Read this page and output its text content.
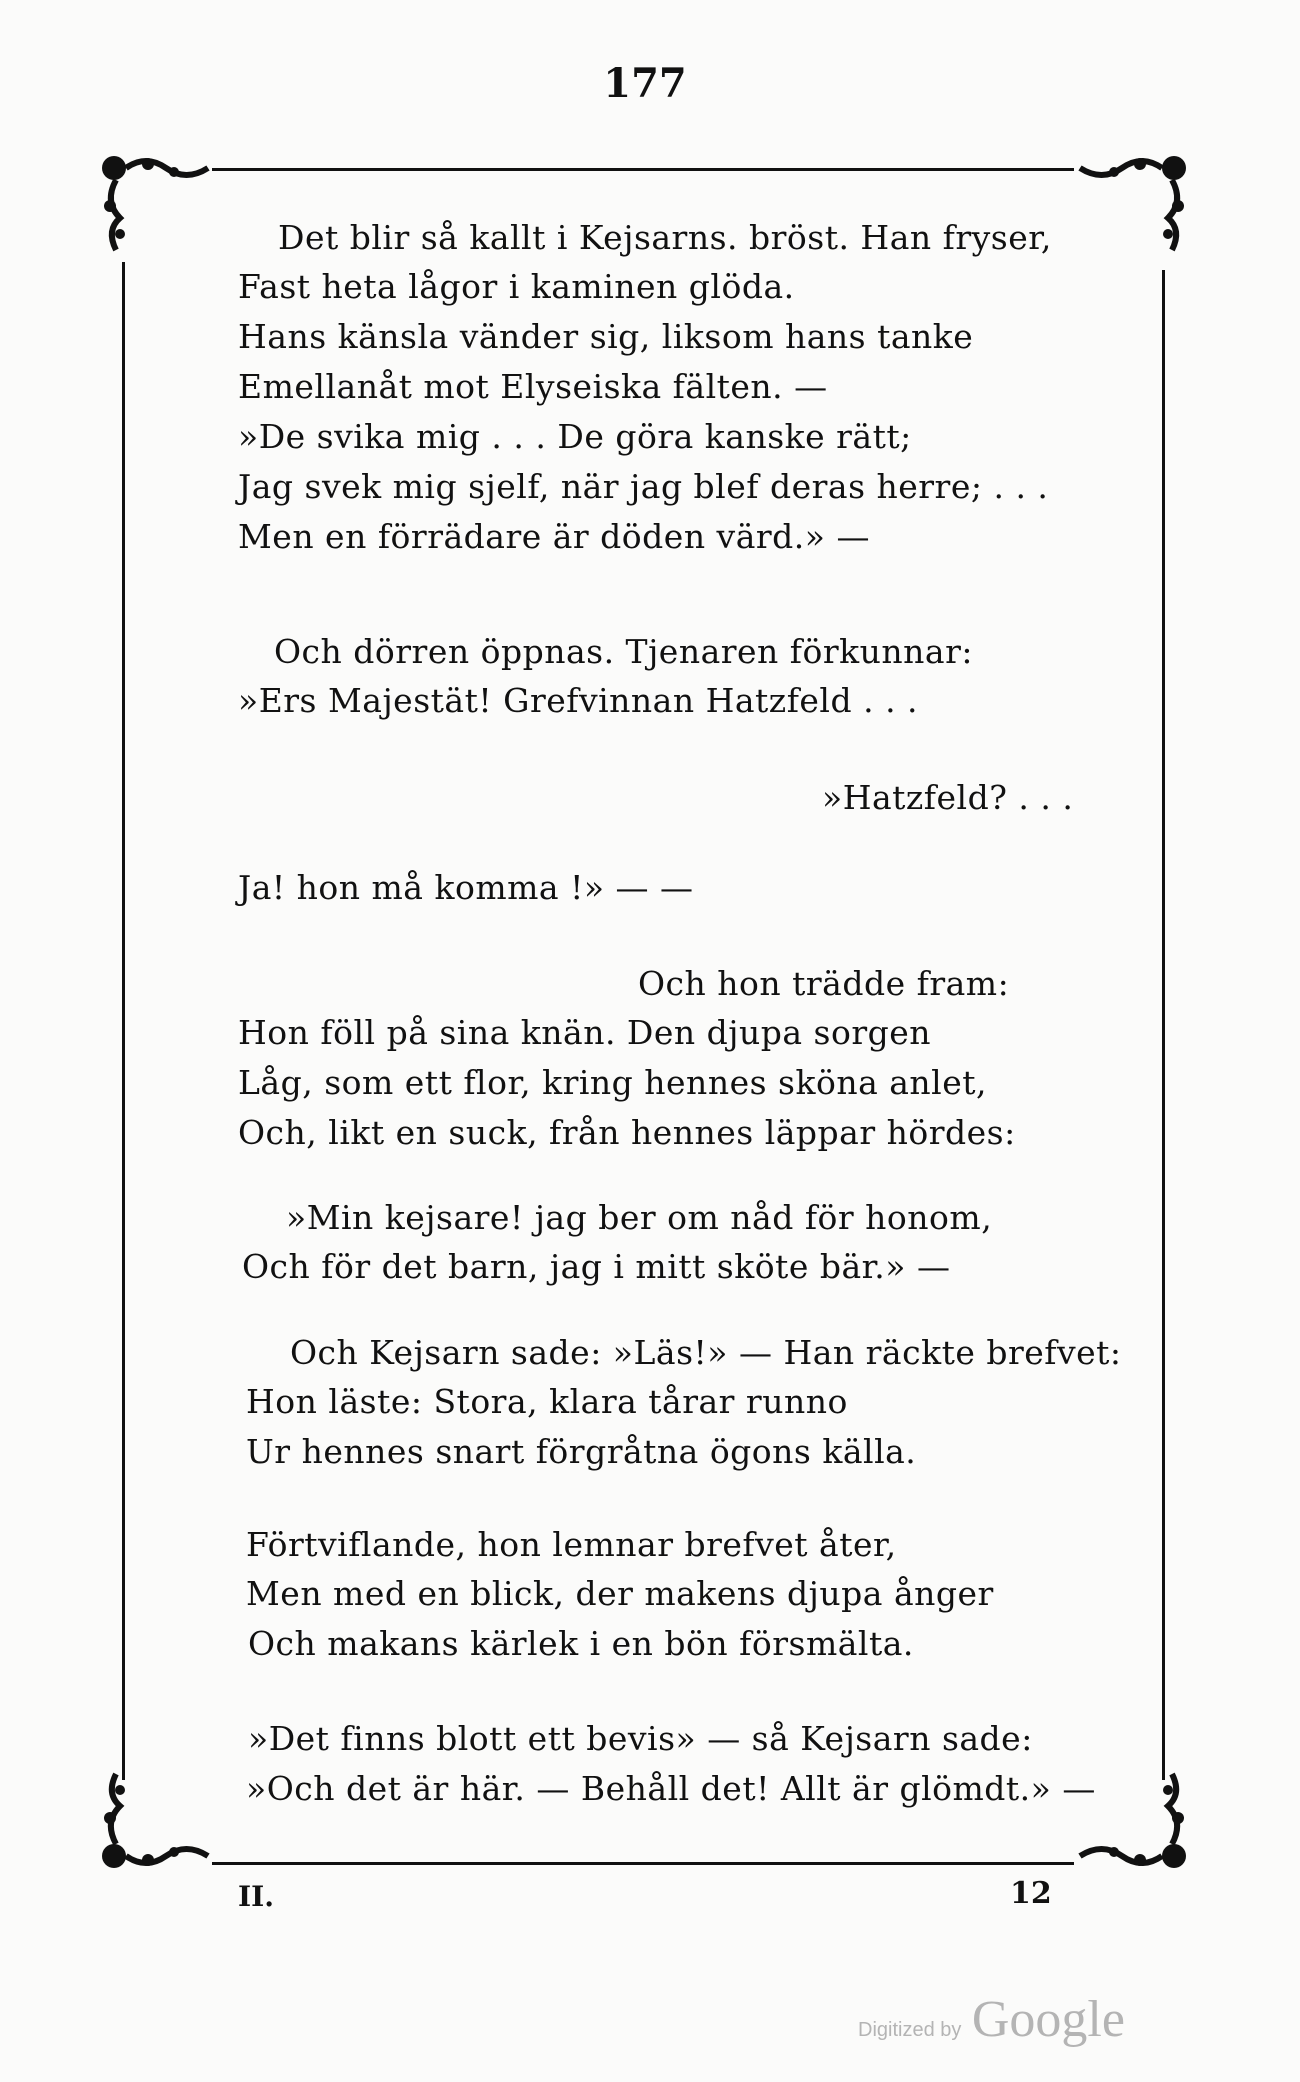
177
Det blir så kallt i Kejsarns. bröst. Han fryser,
Fast heta lågor i kaminen glöda.
Hans känsla vänder sig, liksom hans tanke
Emellanåt mot Elyseiska fälten. —
»De svika mig . . . De göra kanske rätt;
Jag svek mig sjelf, när jag blef deras herre; . . .
Men en förrädare är döden värd.» —
Och dörren öppnas. Tjenaren förkunnar:
»Ers Majestät! Grefvinnan Hatzfeld . . .
»Hatzfeld? . . .
Ja! hon må komma !» — —
Och hon trädde fram:
Hon föll på sina knän. Den djupa sorgen
Låg, som ett flor, kring hennes sköna anlet,
Och, likt en suck, från hennes läppar hördes:
»Min kejsare! jag ber om nåd för honom,
Och för det barn, jag i mitt sköte bär.» —
Och Kejsarn sade: »Läs!» — Han räckte brefvet:
Hon läste: Stora, klara tårar runno
Ur hennes snart förgråtna ögons källa.
Förtviflande, hon lemnar brefvet åter,
Men med en blick, der makens djupa ånger
Och makans kärlek i en bön försmälta.
»Det finns blott ett bevis» — så Kejsarn sade:
»Och det är här. — Behåll det! Allt är glömdt.» —
II.	12
Digitized by Google
